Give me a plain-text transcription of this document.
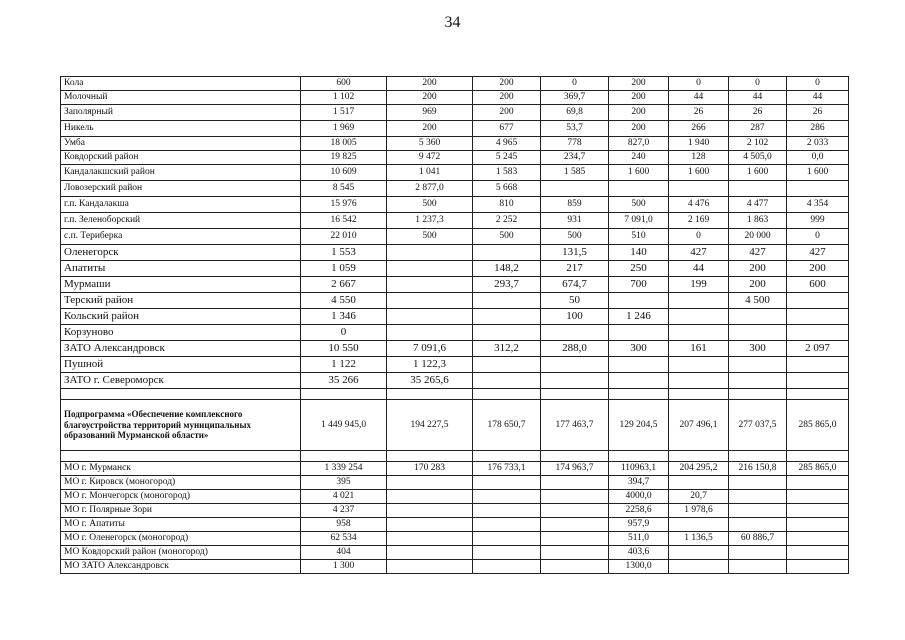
34
Кола	600	200	200	0	200	0	0	0
Молочный	1 102	200	200	369,7	200	44	44	44
Заполярный	1 517	969	200	69,8	200	26	26	26
Никель	1 969	200	677	53,7	200	266	287	286
Умба	18 005	5 360	4 965	778	827,0	1 940	2 102	2 033
Ковдорский район	19 825	9 472	5 245	234,7	240	128	4 505,0	0,0
Кандалакшский район	10 609	1 041	1 583	1 585	1 600	1 600	1 600	1 600
Ловозерский район	8 545	2 877,0	5 668					
г.п. Кандалакша	15 976	500	810	859	500	4 476	4 477	4 354
г.п. Зеленоборский	16 542	1 237,3	2 252	931	7 091,0	2 169	1 863	999
с.п. Териберка	22 010	500	500	500	510	0	20 000	0
Оленегорск	1 553			131,5	140	427	427	427
Апатиты	1 059		148,2	217	250	44	200	200
Мурмаши	2 667		293,7	674,7	700	199	200	600
Терский район	4 550			50			4 500	
Кольский район	1 346			100	1 246			
Корзуново	0							
ЗАТО Александровск	10 550	7 091,6	312,2	288,0	300	161	300	2 097
Пушной	1 122	1 122,3						
ЗАТО г. Североморск	35 266	35 265,6						

Подпрограмма «Обеспечение комплексного благоустройства территорий муниципальных образований Мурманской области»	1 449 945,0	194 227,5	178 650,7	177 463,7	129 204,5	207 496,1	277 037,5	285 865,0

МО г. Мурманск	1 339 254	170 283	176 733,1	174 963,7	110963,1	204 295,2	216 150,8	285 865,0
МО г. Кировск (моногород)	395				394,7			
МО г. Мончегорск (моногород)	4 021				4000,0	20,7		
МО г. Полярные Зори	4 237				2258,6	1 978,6		
МО г. Апатиты	958				957,9			
МО г. Оленегорск (моногород)	62 534				511,0	1 136,5	60 886,7	
МО Ковдорский район (моногород)	404				403,6			
МО ЗАТО Александровск	1 300				1300,0			
